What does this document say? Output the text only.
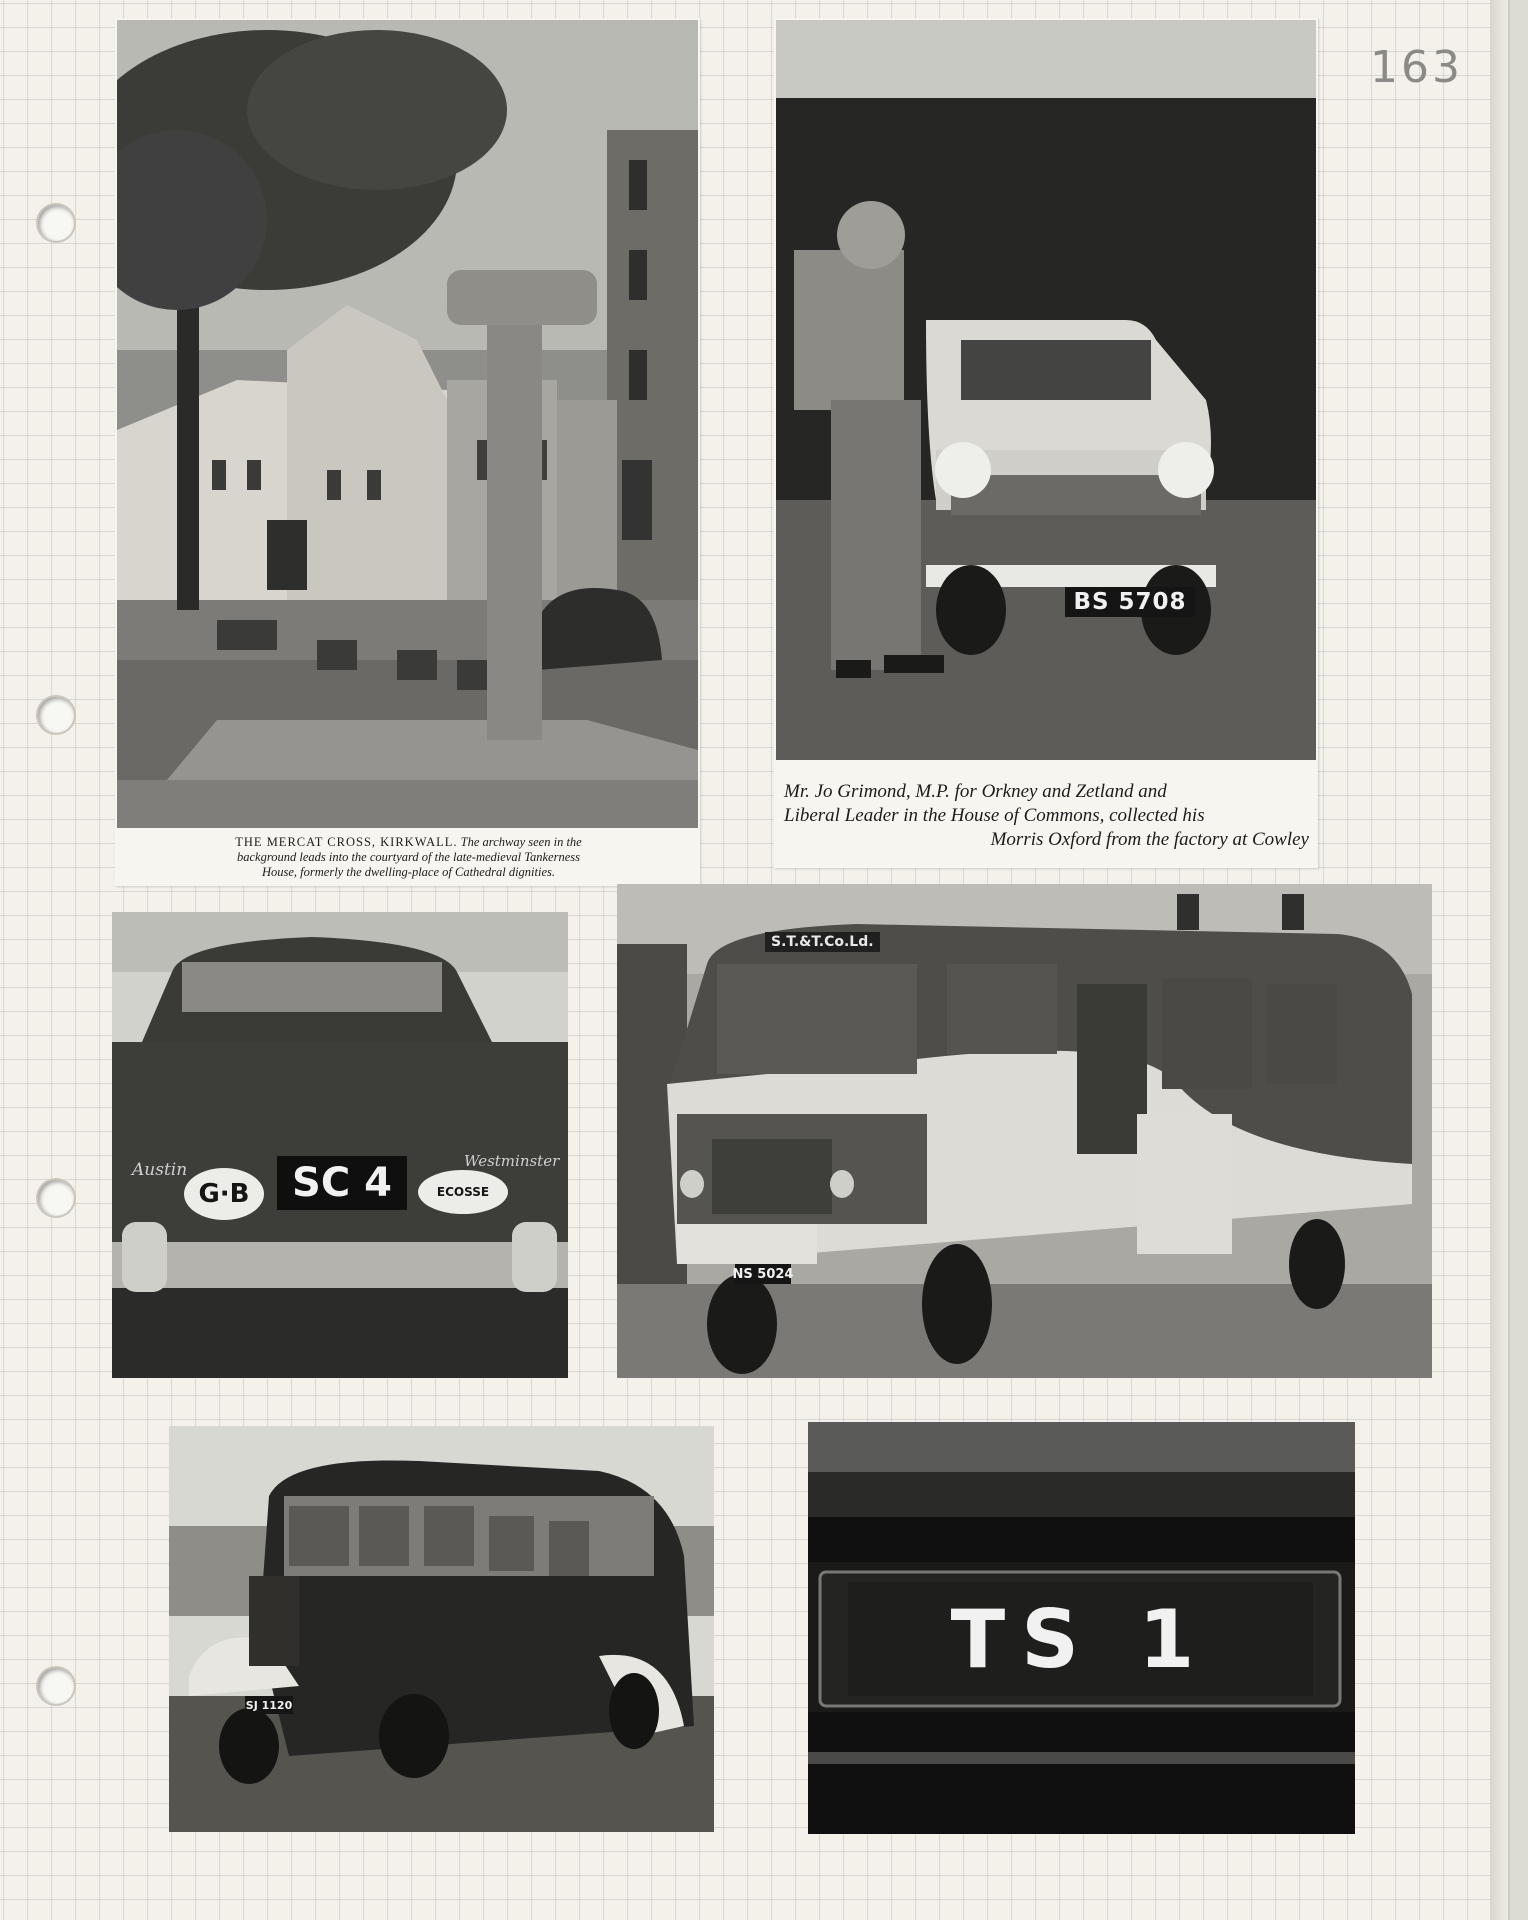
163
THE MERCAT CROSS, KIRKWALL. The archway seen in the
background leads into the courtyard of the late-medieval Tankerness
House, formerly the dwelling-place of Cathedral dignities.
BS 5708
Mr. Jo Grimond, M.P. for Orkney and Zetland and
Liberal Leader in the House of Commons, collected his
Morris Oxford from the factory at Cowley
G·B	SC 4	ECOSSE
Austin	Westminster
S.T.&T.Co.Ld.
NS 5024
SJ 1120
TS 1
